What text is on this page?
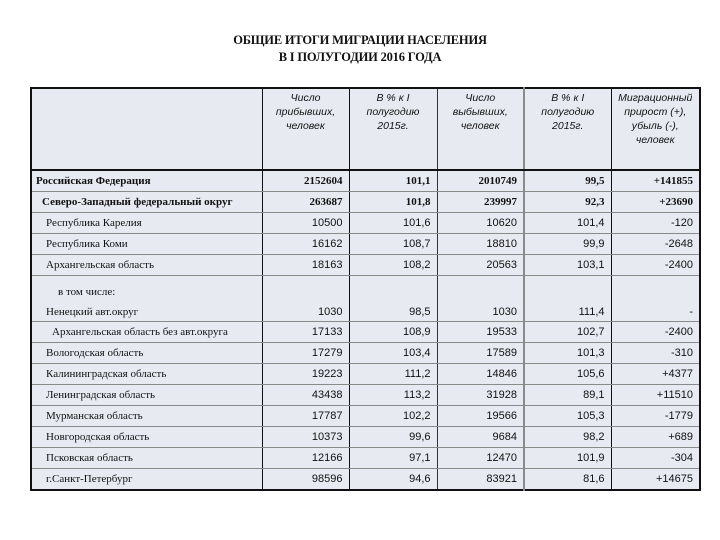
ОБЩИЕ ИТОГИ МИГРАЦИИ НАСЕЛЕНИЯ
В I ПОЛУГОДИИ 2016 ГОДА
	Число прибывших, человек	В % к I полугодию 2015г.	Число выбывших, человек	В % к I полугодию 2015г.	Миграционный прирост (+), убыль (-), человек
Российская Федерация	2152604	101,1	2010749	99,5	+141855
Северо-Западный федеральный округ	263687	101,8	239997	92,3	+23690
Республика Карелия	10500	101,6	10620	101,4	-120
Республика Коми	16162	108,7	18810	99,9	-2648
Архангельская область	18163	108,2	20563	103,1	-2400

в том числе:
Ненецкий авт.округ	1030	98,5	1030	111,4	-
Архангельская область без авт.округа	17133	108,9	19533	102,7	-2400
Вологодская область	17279	103,4	17589	101,3	-310
Калининградская область	19223	111,2	14846	105,6	+4377
Ленинградская область	43438	113,2	31928	89,1	+11510
Мурманская область	17787	102,2	19566	105,3	-1779
Новгородская область	10373	99,6	9684	98,2	+689
Псковская область	12166	97,1	12470	101,9	-304
г.Санкт-Петербург	98596	94,6	83921	81,6	+14675
